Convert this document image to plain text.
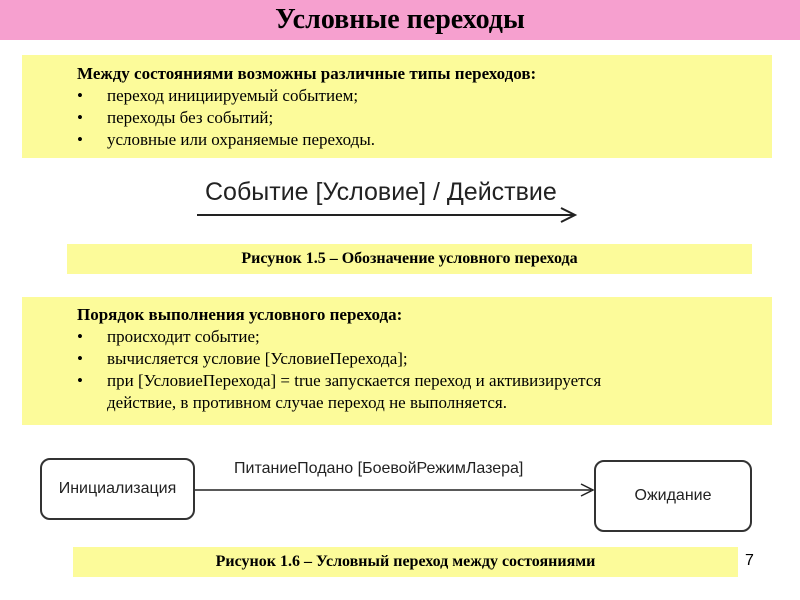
Условные переходы
Между состояниями возможны различные типы переходов:
• переход инициируемый событием;
• переходы без событий;
• условные или охраняемые переходы.
Событие [Условие] / Действие
Рисунок 1.5 – Обозначение условного перехода
Порядок выполнения условного перехода:
• происходит событие;
• вычисляется условие [УсловиеПерехода];
• при [УсловиеПерехода] = true запускается переход и активизируется
действие, в противном случае переход не выполняется.
Инициализация
ПитаниеПодано [БоевойРежимЛазера]
Ожидание
Рисунок 1.6 – Условный переход между состояниями	7
